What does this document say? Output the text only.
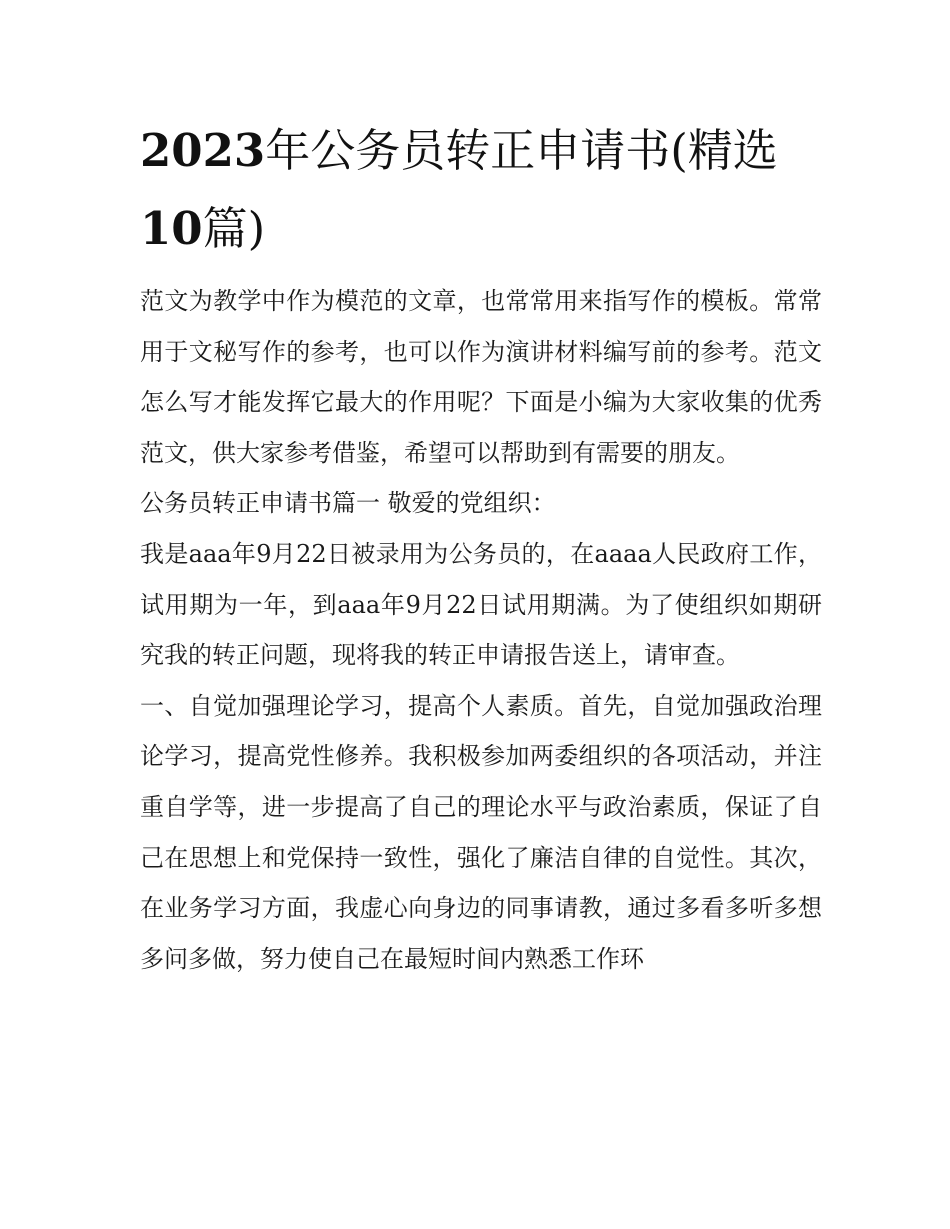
2023年公务员转正申请书(精选10篇)

范文为教学中作为模范的文章，也常常用来指写作的模板。常常用于文秘写作的参考，也可以作为演讲材料编写前的参考。范文怎么写才能发挥它最大的作用呢？下面是小编为大家收集的优秀范文，供大家参考借鉴，希望可以帮助到有需要的朋友。

公务员转正申请书篇一 敬爱的党组织：

我是aaa年9月22日被录用为公务员的，在aaaa人民政府工作，试用期为一年，到aaa年9月22日试用期满。为了使组织如期研究我的转正问题，现将我的转正申请报告送上，请审查。

一、自觉加强理论学习，提高个人素质。首先，自觉加强政治理论学习，提高党性修养。我积极参加两委组织的各项活动，并注重自学等，进一步提高了自己的理论水平与政治素质，保证了自己在思想上和党保持一致性，强化了廉洁自律的自觉性。其次，在业务学习方面，我虚心向身边的同事请教，通过多看多听多想多问多做，努力使自己在最短时间内熟悉工作环
